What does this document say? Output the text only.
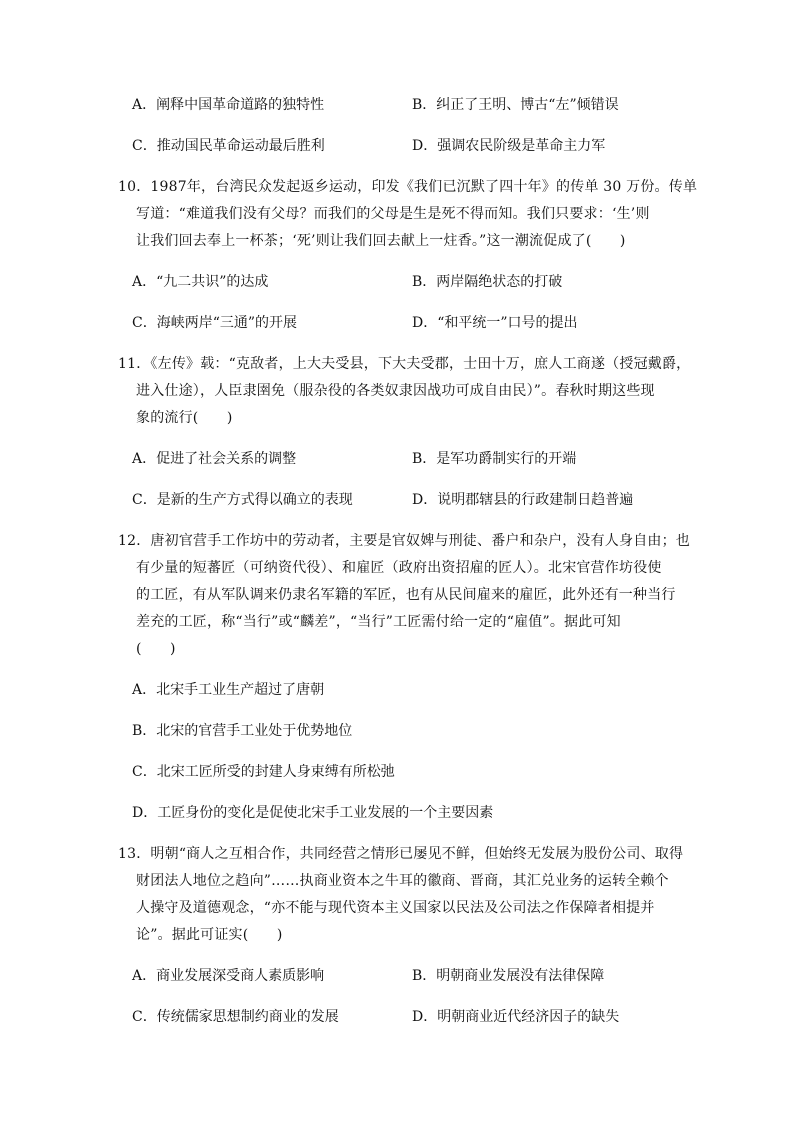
A．阐释中国革命道路的独特性	B．纠正了王明、博古“左”倾错误
C．推动国民革命运动最后胜利	D．强调农民阶级是革命主力军
10．1987年，台湾民众发起返乡运动，印发《我们已沉默了四十年》的传单 30 万份。传单
写道：“难道我们没有父母？而我们的父母是生是死不得而知。我们只要求：‘生’则
让我们回去奉上一杯茶；‘死’则让我们回去献上一炷香。”这一潮流促成了(　　)
A．“九二共识”的达成	B．两岸隔绝状态的打破
C．海峡两岸“三通”的开展	D．“和平统一”口号的提出
11．《左传》载：“克敌者，上大夫受县，下大夫受郡，士田十万，庶人工商遂（授冠戴爵，
进入仕途），人臣隶圉免（服杂役的各类奴隶因战功可成自由民）”。春秋时期这些现
象的流行(　　)
A．促进了社会关系的调整	B．是军功爵制实行的开端
C．是新的生产方式得以确立的表现	D．说明郡辖县的行政建制日趋普遍
12．唐初官营手工作坊中的劳动者，主要是官奴婢与刑徒、番户和杂户，没有人身自由；也
有少量的短蕃匠（可纳资代役）、和雇匠（政府出资招雇的匠人）。北宋官营作坊役使
的工匠，有从军队调来仍隶名军籍的军匠，也有从民间雇来的雇匠，此外还有一种当行
差充的工匠，称“当行”或“麟差”，“当行”工匠需付给一定的“雇值”。据此可知
(　　)
A．北宋手工业生产超过了唐朝
B．北宋的官营手工业处于优势地位
C．北宋工匠所受的封建人身束缚有所松弛
D．工匠身份的变化是促使北宋手工业发展的一个主要因素
13．明朝“商人之互相合作，共同经营之情形已屡见不鲜，但始终无发展为股份公司、取得
财团法人地位之趋向”……执商业资本之牛耳的徽商、晋商，其汇兑业务的运转全赖个
人操守及道德观念，“亦不能与现代资本主义国家以民法及公司法之作保障者相提并
论”。据此可证实(　　)
A．商业发展深受商人素质影响	B．明朝商业发展没有法律保障
C．传统儒家思想制约商业的发展	D．明朝商业近代经济因子的缺失
